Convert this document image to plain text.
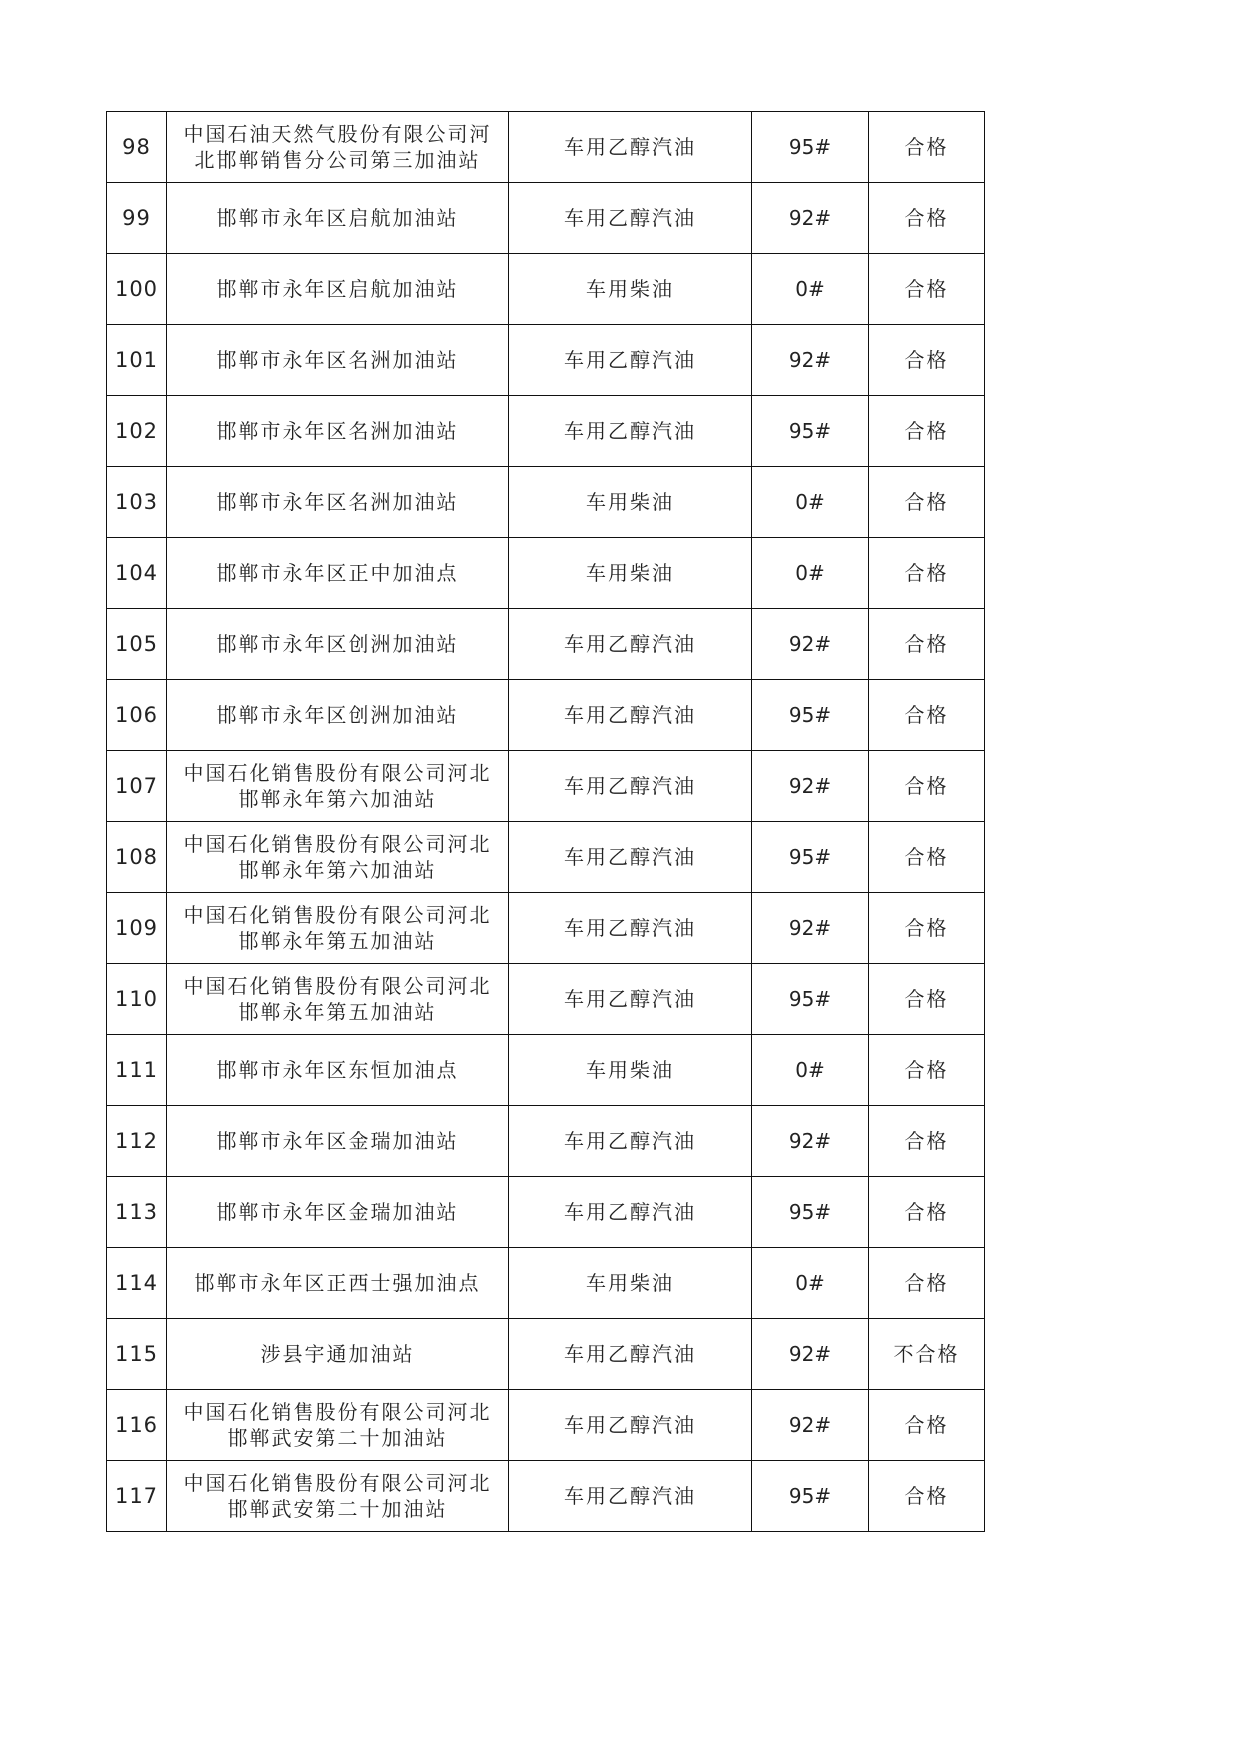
98	中国石油天然气股份有限公司河北邯郸销售分公司第三加油站	车用乙醇汽油	95#	合格
99	邯郸市永年区启航加油站	车用乙醇汽油	92#	合格
100	邯郸市永年区启航加油站	车用柴油	0#	合格
101	邯郸市永年区名洲加油站	车用乙醇汽油	92#	合格
102	邯郸市永年区名洲加油站	车用乙醇汽油	95#	合格
103	邯郸市永年区名洲加油站	车用柴油	0#	合格
104	邯郸市永年区正中加油点	车用柴油	0#	合格
105	邯郸市永年区创洲加油站	车用乙醇汽油	92#	合格
106	邯郸市永年区创洲加油站	车用乙醇汽油	95#	合格
107	中国石化销售股份有限公司河北邯郸永年第六加油站	车用乙醇汽油	92#	合格
108	中国石化销售股份有限公司河北邯郸永年第六加油站	车用乙醇汽油	95#	合格
109	中国石化销售股份有限公司河北邯郸永年第五加油站	车用乙醇汽油	92#	合格
110	中国石化销售股份有限公司河北邯郸永年第五加油站	车用乙醇汽油	95#	合格
111	邯郸市永年区东恒加油点	车用柴油	0#	合格
112	邯郸市永年区金瑞加油站	车用乙醇汽油	92#	合格
113	邯郸市永年区金瑞加油站	车用乙醇汽油	95#	合格
114	邯郸市永年区正西士强加油点	车用柴油	0#	合格
115	涉县宇通加油站	车用乙醇汽油	92#	不合格
116	中国石化销售股份有限公司河北邯郸武安第二十加油站	车用乙醇汽油	92#	合格
117	中国石化销售股份有限公司河北邯郸武安第二十加油站	车用乙醇汽油	95#	合格
